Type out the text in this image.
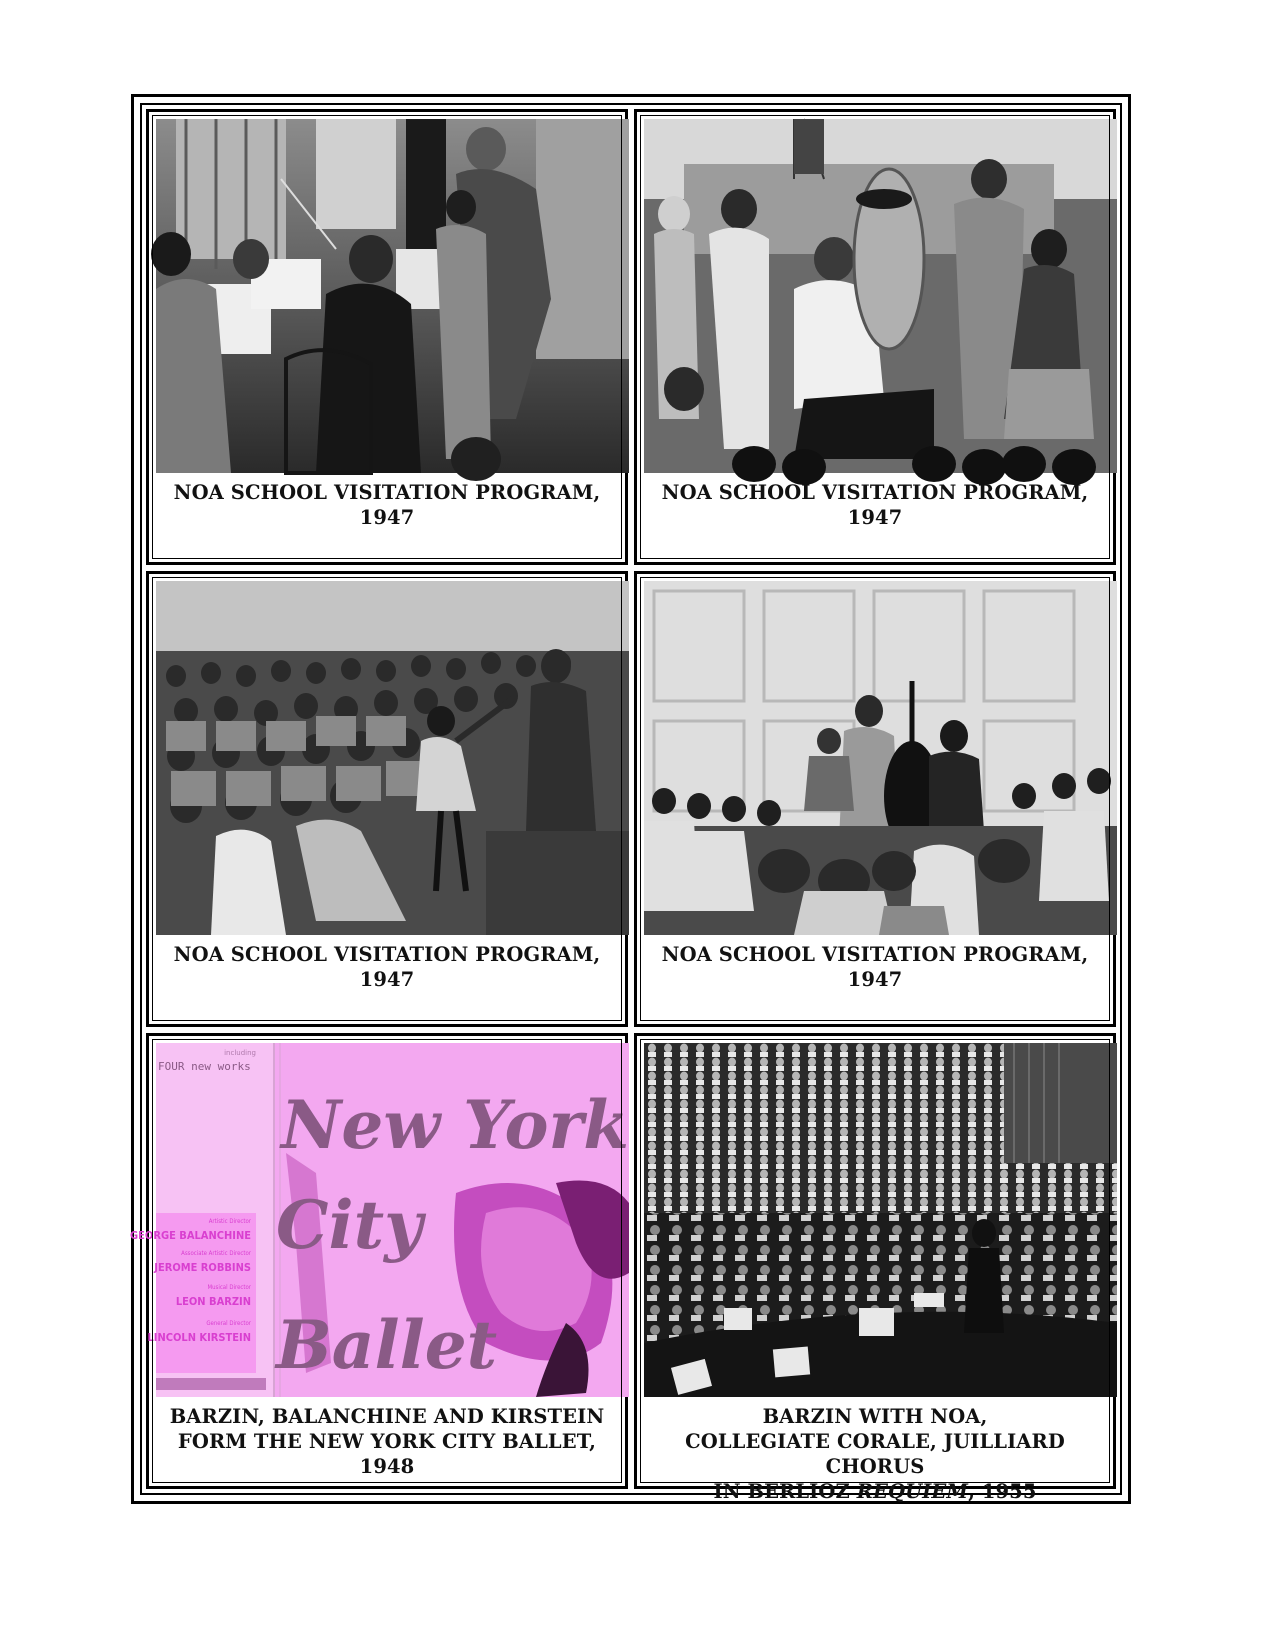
NOA SCHOOL VISITATION PROGRAM, 1947
NOA SCHOOL VISITATION PROGRAM, 1947
NOA SCHOOL VISITATION PROGRAM, 1947
NOA SCHOOL VISITATION PROGRAM, 1947
including
FOUR new works
New York
City
Ballet
Artistic Director
GEORGE BALANCHINE
Associate Artistic Director
JEROME ROBBINS
Musical Director
LEON BARZIN
General Director
LINCOLN KIRSTEIN
BARZIN, BALANCHINE AND KIRSTEIN
FORM THE NEW YORK CITY BALLET, 1948
BARZIN WITH NOA,
COLLEGIATE CORALE, JUILLIARD CHORUS
IN BERLIOZ REQUIEM, 1955
